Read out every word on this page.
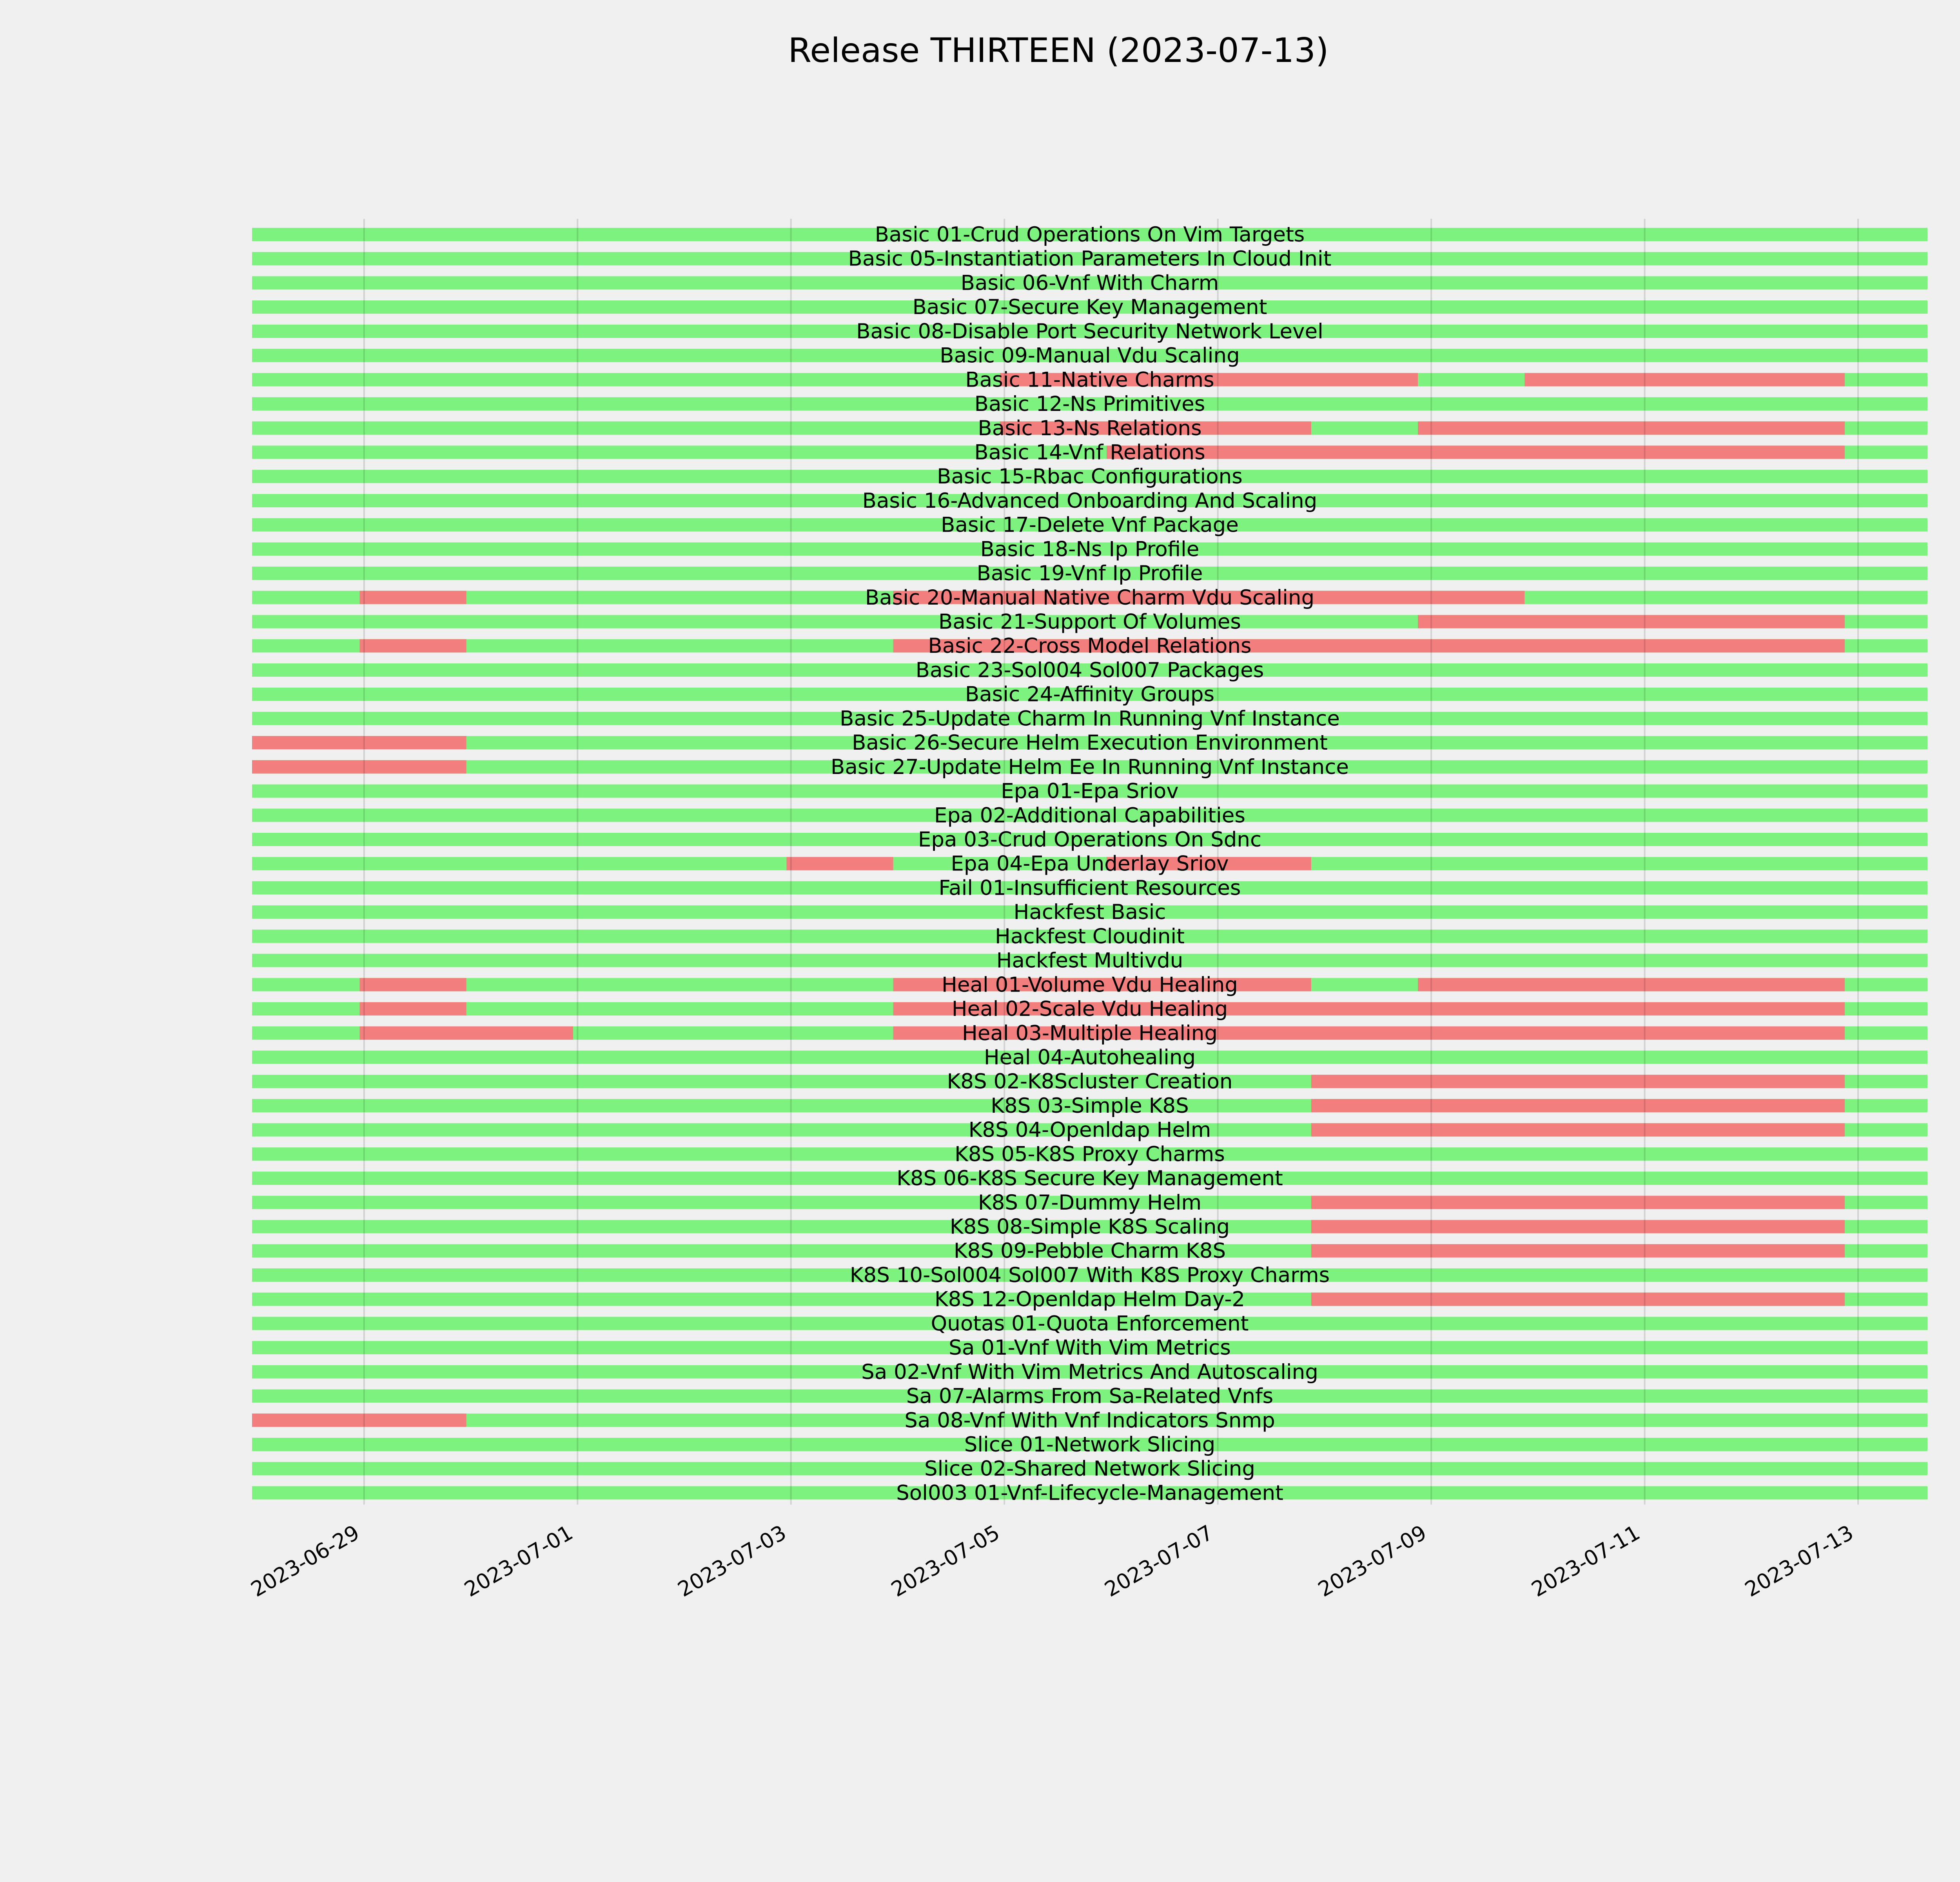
Release THIRTEEN (2023-07-13)
Basic 01-Crud Operations On Vim Targets
Basic 05-Instantiation Parameters In Cloud Init
Basic 06-Vnf With Charm
Basic 07-Secure Key Management
Basic 08-Disable Port Security Network Level
Basic 09-Manual Vdu Scaling
Basic 11-Native Charms
Basic 12-Ns Primitives
Basic 13-Ns Relations
Basic 14-Vnf Relations
Basic 15-Rbac Configurations
Basic 16-Advanced Onboarding And Scaling
Basic 17-Delete Vnf Package
Basic 18-Ns Ip Profile
Basic 19-Vnf Ip Profile
Basic 20-Manual Native Charm Vdu Scaling
Basic 21-Support Of Volumes
Basic 22-Cross Model Relations
Basic 23-Sol004 Sol007 Packages
Basic 24-Affinity Groups
Basic 25-Update Charm In Running Vnf Instance
Basic 26-Secure Helm Execution Environment
Basic 27-Update Helm Ee In Running Vnf Instance
Epa 01-Epa Sriov
Epa 02-Additional Capabilities
Epa 03-Crud Operations On Sdnc
Epa 04-Epa Underlay Sriov
Fail 01-Insufficient Resources
Hackfest Basic
Hackfest Cloudinit
Hackfest Multivdu
Heal 01-Volume Vdu Healing
Heal 02-Scale Vdu Healing
Heal 03-Multiple Healing
Heal 04-Autohealing
K8S 02-K8Scluster Creation
K8S 03-Simple K8S
K8S 04-Openldap Helm
K8S 05-K8S Proxy Charms
K8S 06-K8S Secure Key Management
K8S 07-Dummy Helm
K8S 08-Simple K8S Scaling
K8S 09-Pebble Charm K8S
K8S 10-Sol004 Sol007 With K8S Proxy Charms
K8S 12-Openldap Helm Day-2
Quotas 01-Quota Enforcement
Sa 01-Vnf With Vim Metrics
Sa 02-Vnf With Vim Metrics And Autoscaling
Sa 07-Alarms From Sa-Related Vnfs
Sa 08-Vnf With Vnf Indicators Snmp
Slice 01-Network Slicing
Slice 02-Shared Network Slicing
Sol003 01-Vnf-Lifecycle-Management
2023-06-29	2023-07-01	2023-07-03	2023-07-05	2023-07-07	2023-07-09	2023-07-11	2023-07-13
